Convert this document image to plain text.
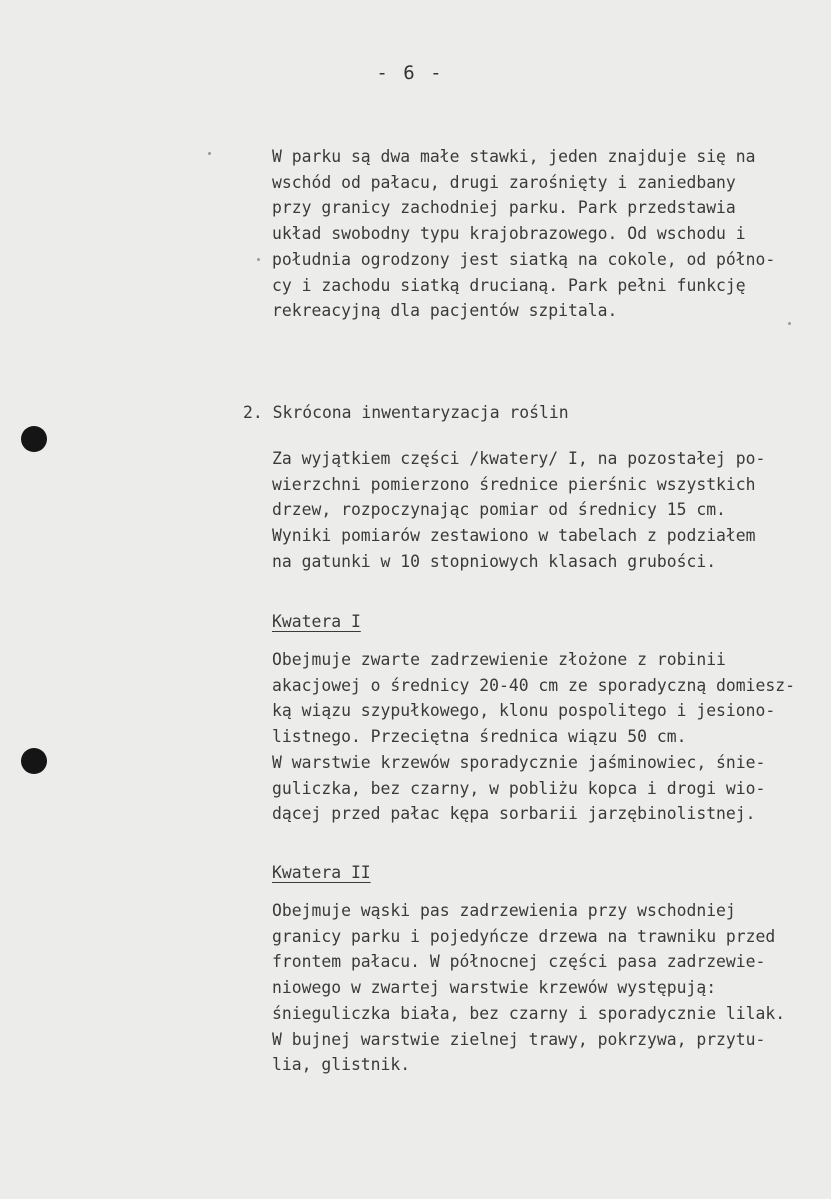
- 6 -
W parku są dwa małe stawki, jeden znajduje się na
wschód od pałacu, drugi zarośnięty i zaniedbany
przy granicy zachodniej parku. Park przedstawia
układ swobodny typu krajobrazowego. Od wschodu i
południa ogrodzony jest siatką na cokole, od półno-
cy i zachodu siatką drucianą. Park pełni funkcję
rekreacyjną dla pacjentów szpitala.
2. Skrócona inwentaryzacja roślin
Za wyjątkiem części /kwatery/ I, na pozostałej po-
wierzchni pomierzono średnice pierśnic wszystkich
drzew, rozpoczynając pomiar od średnicy 15 cm.
Wyniki pomiarów zestawiono w tabelach z podziałem
na gatunki w 10 stopniowych klasach grubości.
Kwatera I
Obejmuje zwarte zadrzewienie złożone z robinii
akacjowej o średnicy 20-40 cm ze sporadyczną domiesz-
ką wiązu szypułkowego, klonu pospolitego i jesiono-
listnego. Przeciętna średnica wiązu 50 cm.
W warstwie krzewów sporadycznie jaśminowiec, śnie-
guliczka, bez czarny, w pobliżu kopca i drogi wio-
dącej przed pałac kępa sorbarii jarzębinolistnej.
Kwatera II
Obejmuje wąski pas zadrzewienia przy wschodniej
granicy parku i pojedyńcze drzewa na trawniku przed
frontem pałacu. W północnej części pasa zadrzewie-
niowego w zwartej warstwie krzewów występują:
śnieguliczka biała, bez czarny i sporadycznie lilak.
W bujnej warstwie zielnej trawy, pokrzywa, przytu-
lia, glistnik.
